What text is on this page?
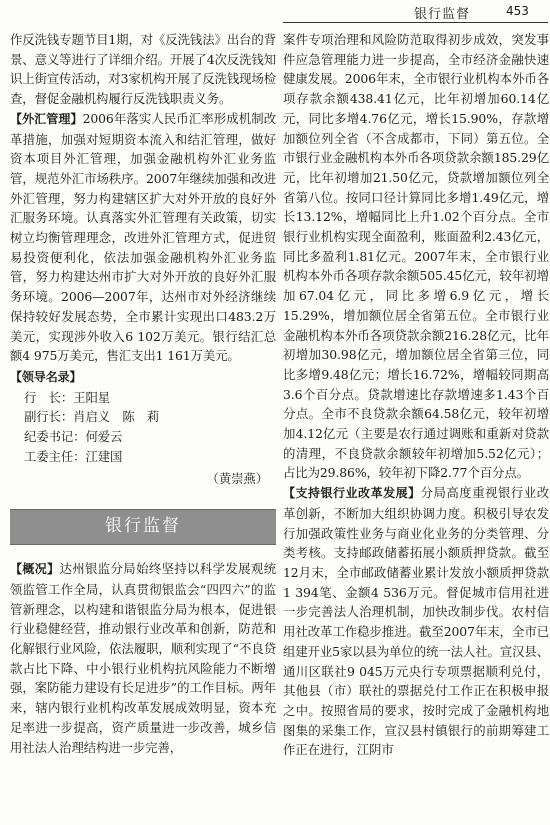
银行监督	453

作反洗钱专题节目1期，对《反洗钱法》出台的背景、意义等进行了详细介绍。开展了4次反洗钱知识上街宣传活动，对3家机构开展了反洗钱现场检查，督促金融机构履行反洗钱职责义务。

【外汇管理】2006年落实人民币汇率形成机制改革措施，加强对短期资本流入和结汇管理，做好资本项目外汇管理，加强金融机构外汇业务监管，规范外汇市场秩序。2007年继续加强和改进外汇管理，努力构建辖区扩大对外开放的良好外汇服务环境。认真落实外汇管理有关政策，切实树立均衡管理理念，改进外汇管理方式，促进贸易投资便利化，依法加强金融机构外汇业务监管，努力构建达州市扩大对外开放的良好外汇服务环境。2006—2007年，达州市对外经济继续保持较好发展态势，全市累计实现出口483.2万美元，实现涉外收入6 102万美元。银行结汇总额4 975万美元，售汇支出1 161万美元。

【领导名录】
行　长：王阳星
副行长：肖启义　陈　莉
纪委书记：何爱云
工委主任：江建国
（黄崇燕）
银行监督

【概况】达州银监分局始终坚持以科学发展观统领监管工作全局，认真贯彻银监会“四四六”的监管新理念，以构建和谐银监分局为根本，促进银行业稳健经营，推动银行业改革和创新，防范和化解银行业风险，依法履职，顺利实现了“不良贷款占比下降、中小银行业机构抗风险能力不断增强，案防能力建设有长足进步”的工作目标。两年来，辖内银行业机构改革发展成效明显，资本充足率进一步提高，资产质量进一步改善，城乡信用社法人治理结构进一步完善，

案件专项治理和风险防范取得初步成效，突发事件应急管理能力进一步提高，全市经济金融快速健康发展。2006年末，全市银行业机构本外币各项存款余额438.41亿元，比年初增加60.14亿元，同比多增4.76亿元，增长15.90%，存款增加额位列全省（不含成都市，下同）第五位。全市银行业金融机构本外币各项贷款余额185.29亿元，比年初增加21.50亿元，贷款增加额位列全省第八位。按同口径计算同比多增1.49亿元，增长13.12%，增幅同比上升1.02个百分点。全市银行业机构实现全面盈利，账面盈利2.43亿元，同比多盈利1.81亿元。2007年末，全市银行业机构本外币各项存款余额505.45亿元，较年初增加67.04亿元，同比多增6.9亿元，增长15.29%，增加额位居全省第五位。全市银行业金融机构本外币各项贷款余额216.28亿元，比年初增加30.98亿元，增加额位居全省第三位，同比多增9.48亿元；增长16.72%，增幅较同期高3.6个百分点。贷款增速比存款增速多1.43个百分点。全市不良贷款余额64.58亿元，较年初增加4.12亿元（主要是农行通过调账和重新对贷款的清理，不良贷款余额较年初增加5.52亿元）；占比为29.86%，较年初下降2.77个百分点。

【支持银行业改革发展】分局高度重视银行业改革创新，不断加大组织协调力度。积极引导农发行加强政策性业务与商业化业务的分类管理、分类考核。支持邮政储蓄拓展小额质押贷款。截至12月末，全市邮政储蓄业累计发放小额质押贷款1 394笔、金额4 536万元。督促城市信用社进一步完善法人治理机制，加快改制步伐。农村信用社改革工作稳步推进。截至2007年末，全市已组建开业5家以县为单位的统一法人社。宣汉县、通川区联社9 045万元央行专项票据顺利兑付，其他县（市）联社的票据兑付工作正在积极申报之中。按照省局的要求，按时完成了金融机构地图集的采集工作，宣汉县村镇银行的前期筹建工作正在进行，江阴市
